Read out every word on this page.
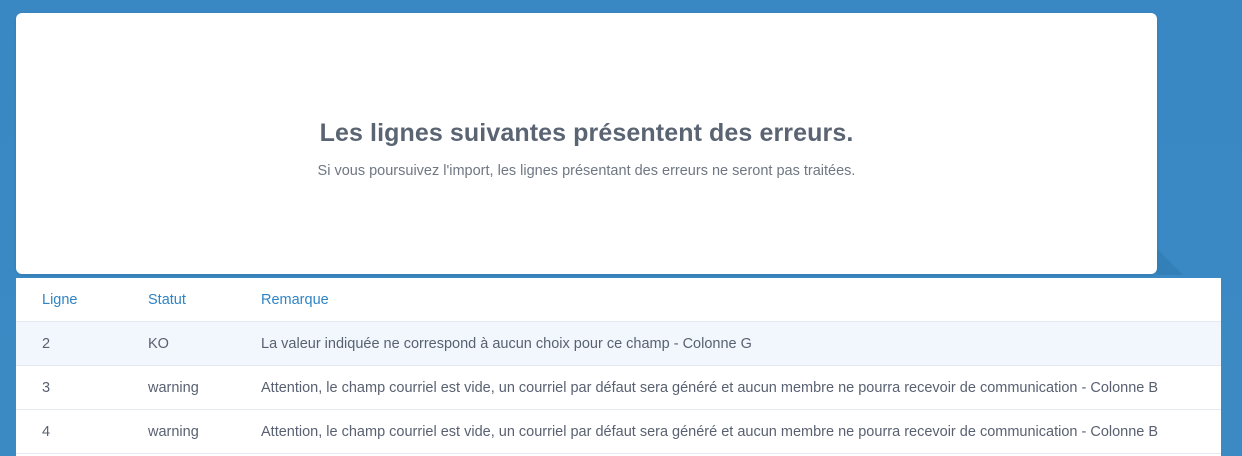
Les lignes suivantes présentent des erreurs.

Si vous poursuivez l'import, les lignes présentant des erreurs ne seront pas traitées.

Ligne	Statut	Remarque

2	KO	La valeur indiquée ne correspond à aucun choix pour ce champ - Colonne G

3	warning	Attention, le champ courriel est vide, un courriel par défaut sera généré et aucun membre ne pourra recevoir de communication - Colonne B

4	warning	Attention, le champ courriel est vide, un courriel par défaut sera généré et aucun membre ne pourra recevoir de communication - Colonne B
